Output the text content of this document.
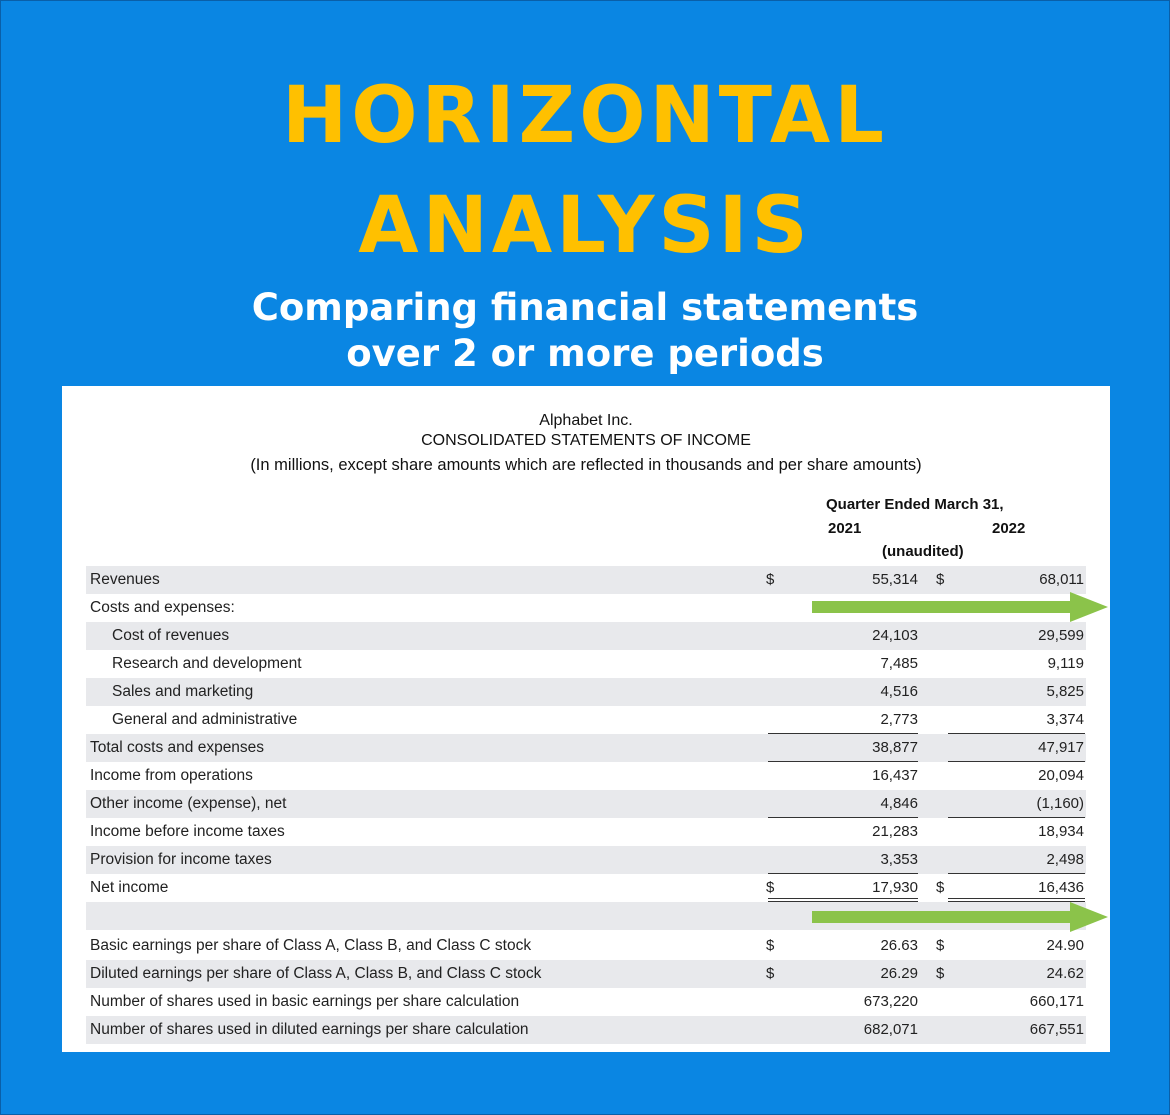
HORIZONTAL
ANALYSIS
Comparing financial statements
over 2 or more periods
Alphabet Inc.
CONSOLIDATED STATEMENTS OF INCOME
(In millions, except share amounts which are reflected in thousands and per share amounts)
Quarter Ended March 31,
2021	2022
(unaudited)
Revenues	$	55,314 $	68,011
Costs and expenses:
Cost of revenues	24,103	29,599
Research and development	7,485	9,119
Sales and marketing	4,516	5,825
General and administrative	2,773	3,374
Total costs and expenses	38,877	47,917
Income from operations	16,437	20,094
Other income (expense), net	4,846	(1,160)
Income before income taxes	21,283	18,934
Provision for income taxes	3,353	2,498
Net income	$	17,930 $	16,436
Basic earnings per share of Class A, Class B, and Class C stock	$	26.63 $	24.90
Diluted earnings per share of Class A, Class B, and Class C stock	$	26.29 $	24.62
Number of shares used in basic earnings per share calculation	673,220	660,171
Number of shares used in diluted earnings per share calculation	682,071	667,551
